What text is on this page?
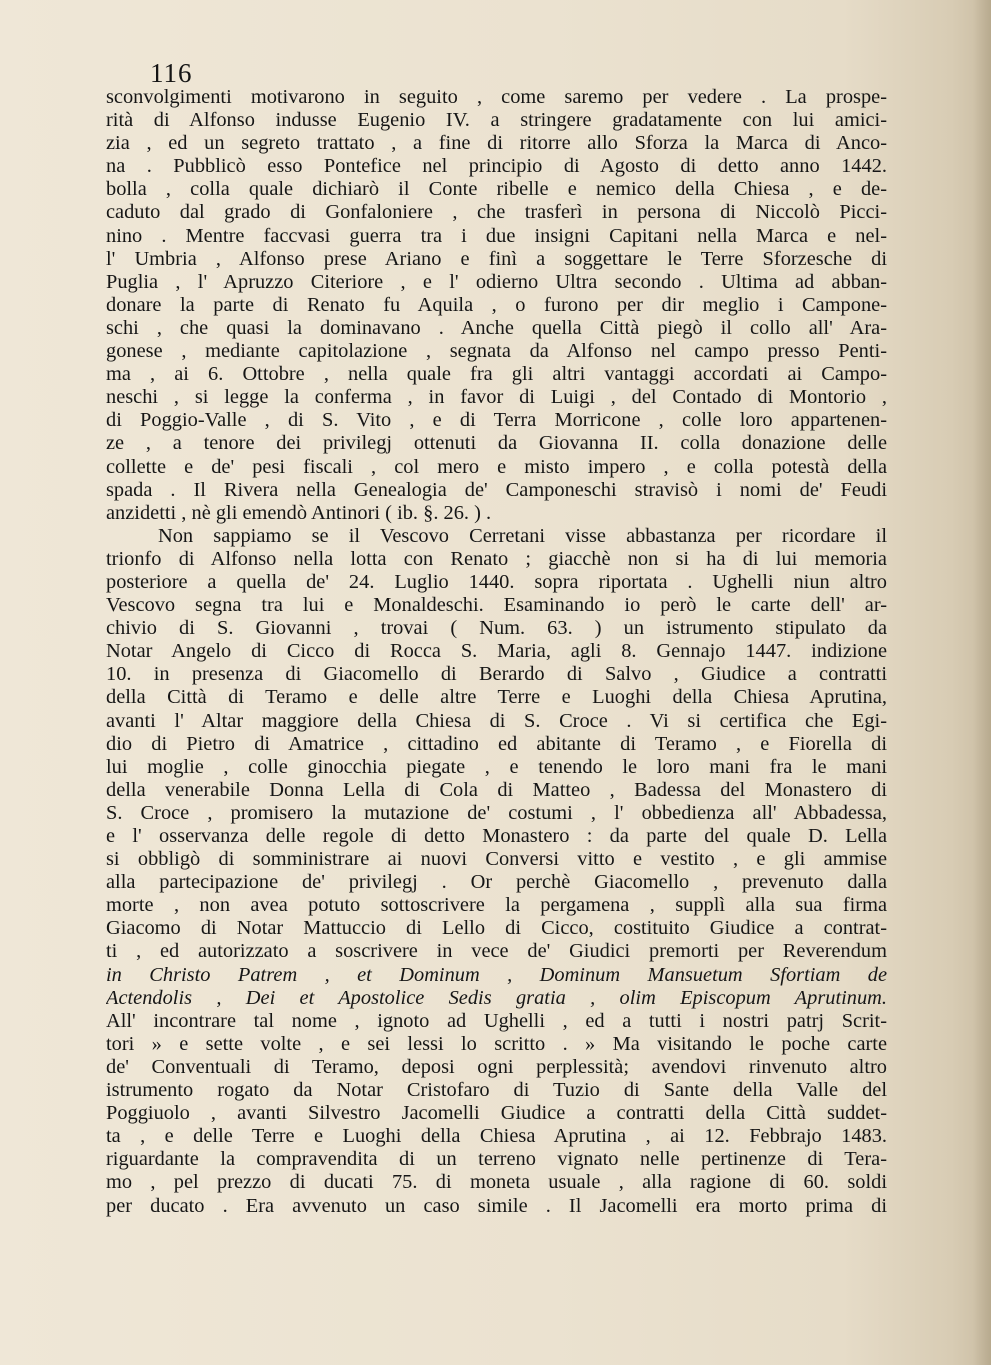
116
sconvolgimenti motivarono in seguito , come saremo per vedere . La prospe-
rità di Alfonso indusse Eugenio IV. a stringere gradatamente con lui amici-
zia , ed un segreto trattato , a fine di ritorre allo Sforza la Marca di Anco-
na . Pubblicò esso Pontefice nel principio di Agosto di detto anno 1442.
bolla , colla quale dichiarò il Conte ribelle e nemico della Chiesa , e de-
caduto dal grado di Gonfaloniere , che trasferì in persona di Niccolò Picci-
nino . Mentre faccvasi guerra tra i due insigni Capitani nella Marca e nel-
l' Umbria , Alfonso prese Ariano e finì a soggettare le Terre Sforzesche di
Puglia , l' Apruzzo Citeriore , e l' odierno Ultra secondo . Ultima ad abban-
donare la parte di Renato fu Aquila , o furono per dir meglio i Campone-
schi , che quasi la dominavano . Anche quella Città piegò il collo all' Ara-
gonese , mediante capitolazione , segnata da Alfonso nel campo presso Penti-
ma , ai 6. Ottobre , nella quale fra gli altri vantaggi accordati ai Campo-
neschi , si legge la conferma , in favor di Luigi , del Contado di Montorio ,
di Poggio-Valle , di S. Vito , e di Terra Morricone , colle loro appartenen-
ze , a tenore dei privilegj ottenuti da Giovanna II. colla donazione delle
collette e de' pesi fiscali , col mero e misto impero , e colla potestà della
spada . Il Rivera nella Genealogia de' Camponeschi stravisò i nomi de' Feudi
anzidetti , nè gli emendò Antinori ( ib. §. 26. ) .
Non sappiamo se il Vescovo Cerretani visse abbastanza per ricordare il
trionfo di Alfonso nella lotta con Renato ; giacchè non si ha di lui memoria
posteriore a quella de' 24. Luglio 1440. sopra riportata . Ughelli niun altro
Vescovo segna tra lui e Monaldeschi. Esaminando io però le carte dell' ar-
chivio di S. Giovanni , trovai ( Num. 63. ) un istrumento stipulato da
Notar Angelo di Cicco di Rocca S. Maria, agli 8. Gennajo 1447. indizione
10. in presenza di Giacomello di Berardo di Salvo , Giudice a contratti
della Città di Teramo e delle altre Terre e Luoghi della Chiesa Aprutina,
avanti l' Altar maggiore della Chiesa di S. Croce . Vi si certifica che Egi-
dio di Pietro di Amatrice , cittadino ed abitante di Teramo , e Fiorella di
lui moglie , colle ginocchia piegate , e tenendo le loro mani fra le mani
della venerabile Donna Lella di Cola di Matteo , Badessa del Monastero di
S. Croce , promisero la mutazione de' costumi , l' obbedienza all' Abbadessa,
e l' osservanza delle regole di detto Monastero : da parte del quale D. Lella
si obbligò di somministrare ai nuovi Conversi vitto e vestito , e gli ammise
alla partecipazione de' privilegj . Or perchè Giacomello , prevenuto dalla
morte , non avea potuto sottoscrivere la pergamena , supplì alla sua firma
Giacomo di Notar Mattuccio di Lello di Cicco, costituito Giudice a contrat-
ti , ed autorizzato a soscrivere in vece de' Giudici premorti per Reverendum
in Christo Patrem , et Dominum , Dominum Mansuetum Sfortiam de
Actendolis , Dei et Apostolice Sedis gratia , olim Episcopum Aprutinum.
All' incontrare tal nome , ignoto ad Ughelli , ed a tutti i nostri patrj Scrit-
tori » e sette volte , e sei lessi lo scritto . » Ma visitando le poche carte
de' Conventuali di Teramo, deposi ogni perplessità; avendovi rinvenuto altro
istrumento rogato da Notar Cristofaro di Tuzio di Sante della Valle del
Poggiuolo , avanti Silvestro Jacomelli Giudice a contratti della Città suddet-
ta , e delle Terre e Luoghi della Chiesa Aprutina , ai 12. Febbrajo 1483.
riguardante la compravendita di un terreno vignato nelle pertinenze di Tera-
mo , pel prezzo di ducati 75. di moneta usuale , alla ragione di 60. soldi
per ducato . Era avvenuto un caso simile . Il Jacomelli era morto prima di
